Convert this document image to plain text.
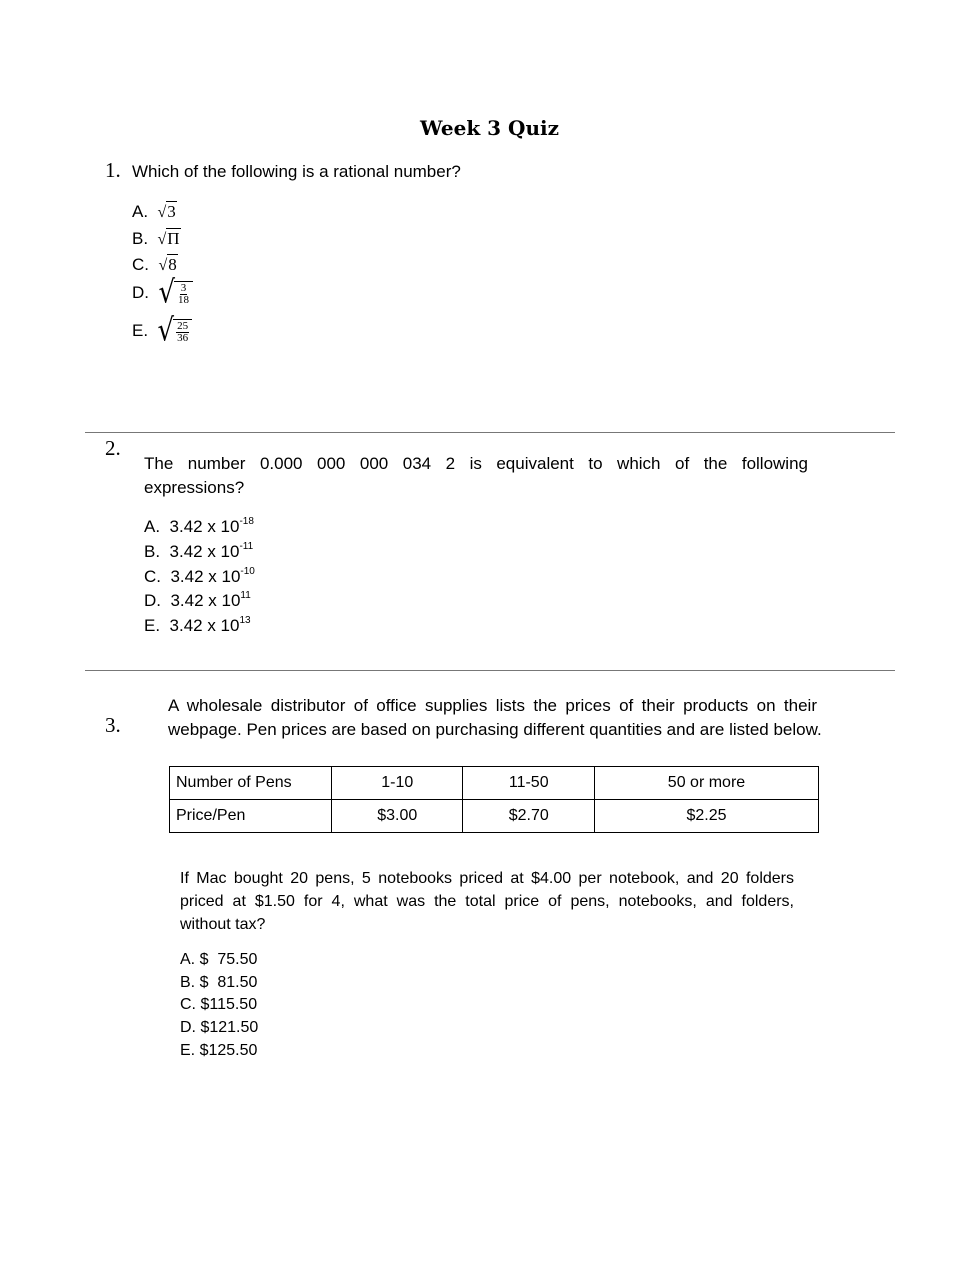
Week 3 Quiz
1. Which of the following is a rational number?
A. √3
B. √Π
C. √8
D. √ $\frac{3}{18}$
E. √ $\frac{25}{36}$
2.
The number 0.000 000 000 034 2 is equivalent to which of the following
expressions?
A. 3.42 x $10^{-18}$
B. 3.42 x $10^{-11}$
C. 3.42 x $10^{-10}$
D. 3.42 x $10^{11}$
E. 3.42 x $10^{13}$
3.
A wholesale distributor of office supplies lists the prices of their products on their
webpage. Pen prices are based on purchasing different quantities and are listed below.
Number of Pens	1-10	11-50	50 or more
Price/Pen	$3.00	$2.70	$2.25
If Mac bought 20 pens, 5 notebooks priced at $4.00 per notebook, and 20 folders
priced at $1.50 for 4, what was the total price of pens, notebooks, and folders,
without tax?
A. $  75.50
B. $  81.50
C. $115.50
D. $121.50
E. $125.50
